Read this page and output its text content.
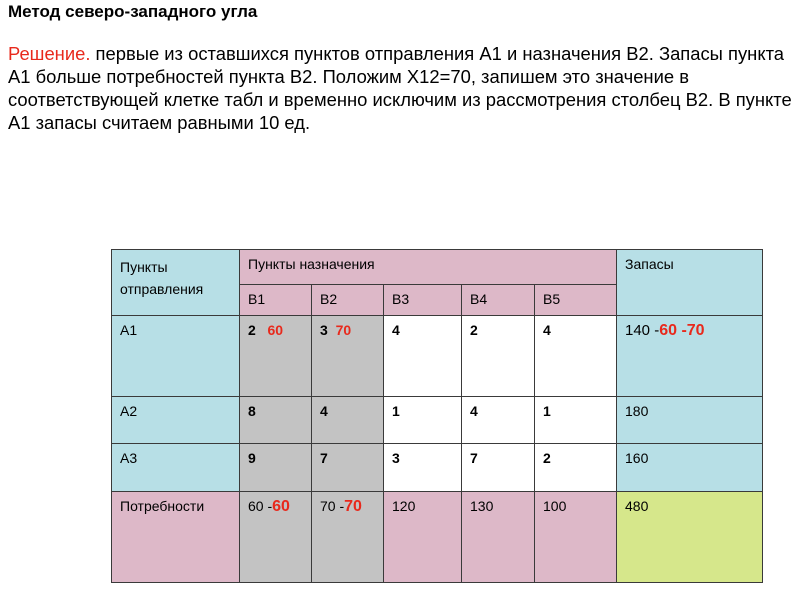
Метод северо-западного угла
Решение. первые из оставшихся пунктов отправления А1 и назначения В2. Запасы пункта А1 больше потребностей пункта В2. Положим Х12=70, запишем это значение в соответствующей клетке табл и временно исключим из рассмотрения столбец В2. В пункте А1 запасы считаем равными 10 ед.
Пункты отправления	Пункты назначения					Запасы
	В1	В2	В3	В4	В5	
А1	2 60	3 70	4	2	4	140 -60 -70
А2	8	4	1	4	1	180
А3	9	7	3	7	2	160
Потребности	60 -60	70 -70	120	130	100	480
